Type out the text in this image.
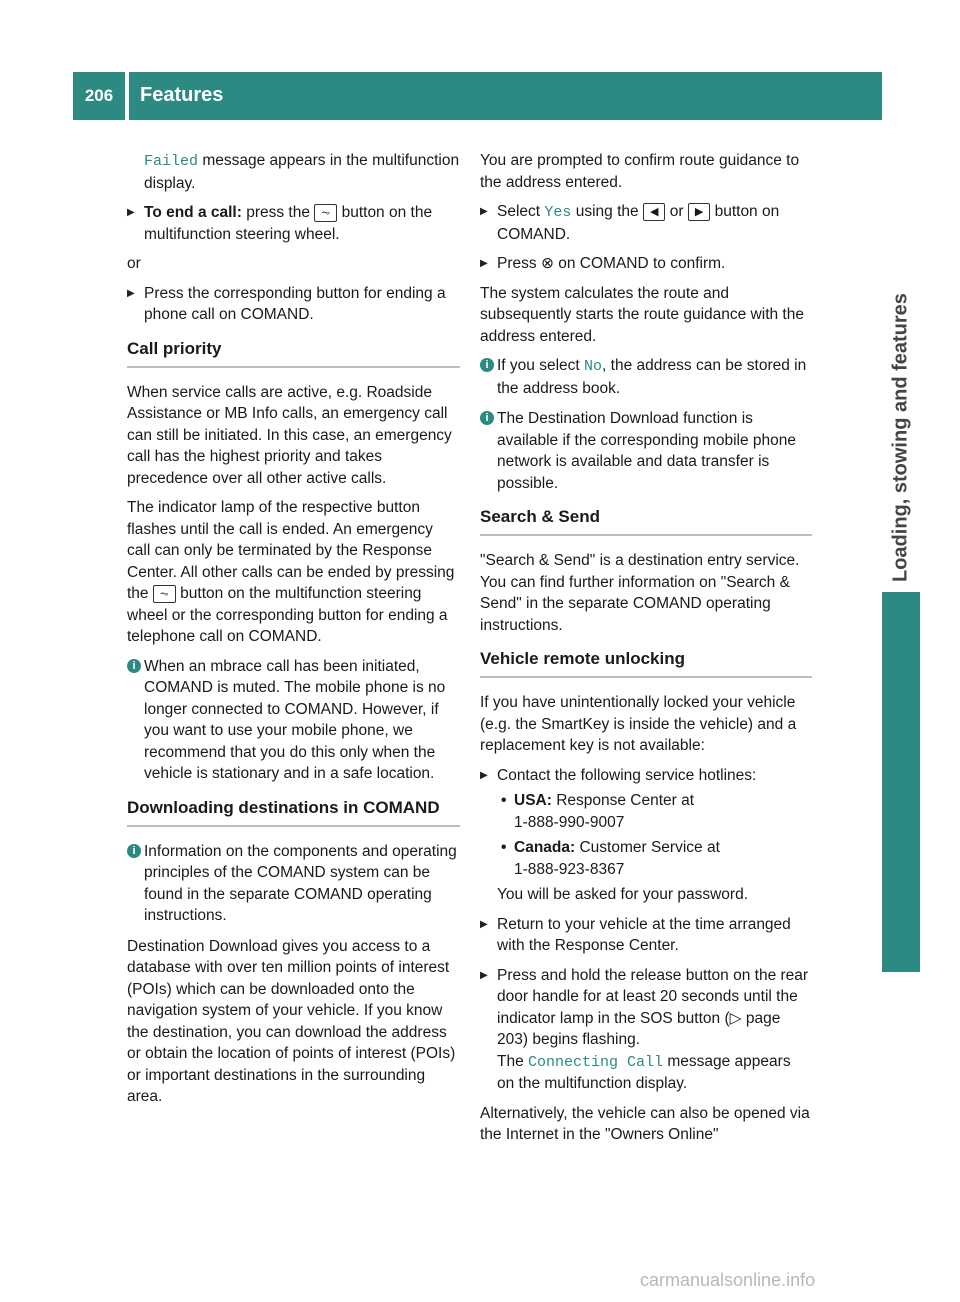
206	Features
Loading, stowing and features

Failed message appears in the multifunction display.

▶ To end a call: press the ⏦ button on the multifunction steering wheel.

or

▶ Press the corresponding button for ending a phone call on COMAND.
Call priority

When service calls are active, e.g. Roadside Assistance or MB Info calls, an emergency call can still be initiated. In this case, an emergency call has the highest priority and takes precedence over all other active calls.

The indicator lamp of the respective button flashes until the call is ended. An emergency call can only be terminated by the Response Center. All other calls can be ended by pressing the ⏦ button on the multifunction steering wheel or the corresponding button for ending a telephone call on COMAND.

i When an mbrace call has been initiated, COMAND is muted. The mobile phone is no longer connected to COMAND. However, if you want to use your mobile phone, we recommend that you do this only when the vehicle is stationary and in a safe location.
Downloading destinations in COMAND
i Information on the components and operating principles of the COMAND system can be found in the separate COMAND operating instructions.

Destination Download gives you access to a database with over ten million points of interest (POIs) which can be downloaded onto the navigation system of your vehicle. If you know the destination, you can download the address or obtain the location of points of interest (POIs) or important destinations in the surrounding area.

You are prompted to confirm route guidance to the address entered.

▶ Select Yes using the ◀ or ▶ button on COMAND.
▶ Press ⊗ on COMAND to confirm.

The system calculates the route and subsequently starts the route guidance with the address entered.

i If you select No, the address can be stored in the address book.
i The Destination Download function is available if the corresponding mobile phone network is available and data transfer is possible.
Search & Send

"Search & Send" is a destination entry service. You can find further information on "Search & Send" in the separate COMAND operating instructions.

Vehicle remote unlocking

If you have unintentionally locked your vehicle (e.g. the SmartKey is inside the vehicle) and a replacement key is not available:

▶ Contact the following service hotlines:
• USA: Response Center at
1-888-990-9007
• Canada: Customer Service at
1-888-923-8367
You will be asked for your password.
▶ Return to your vehicle at the time arranged with the Response Center.
▶ Press and hold the release button on the rear door handle for at least 20 seconds until the indicator lamp in the SOS button (▷ page 203) begins flashing.
The Connecting Call message appears on the multifunction display.

Alternatively, the vehicle can also be opened via the Internet in the "Owners Online"

carmanualsonline.info
